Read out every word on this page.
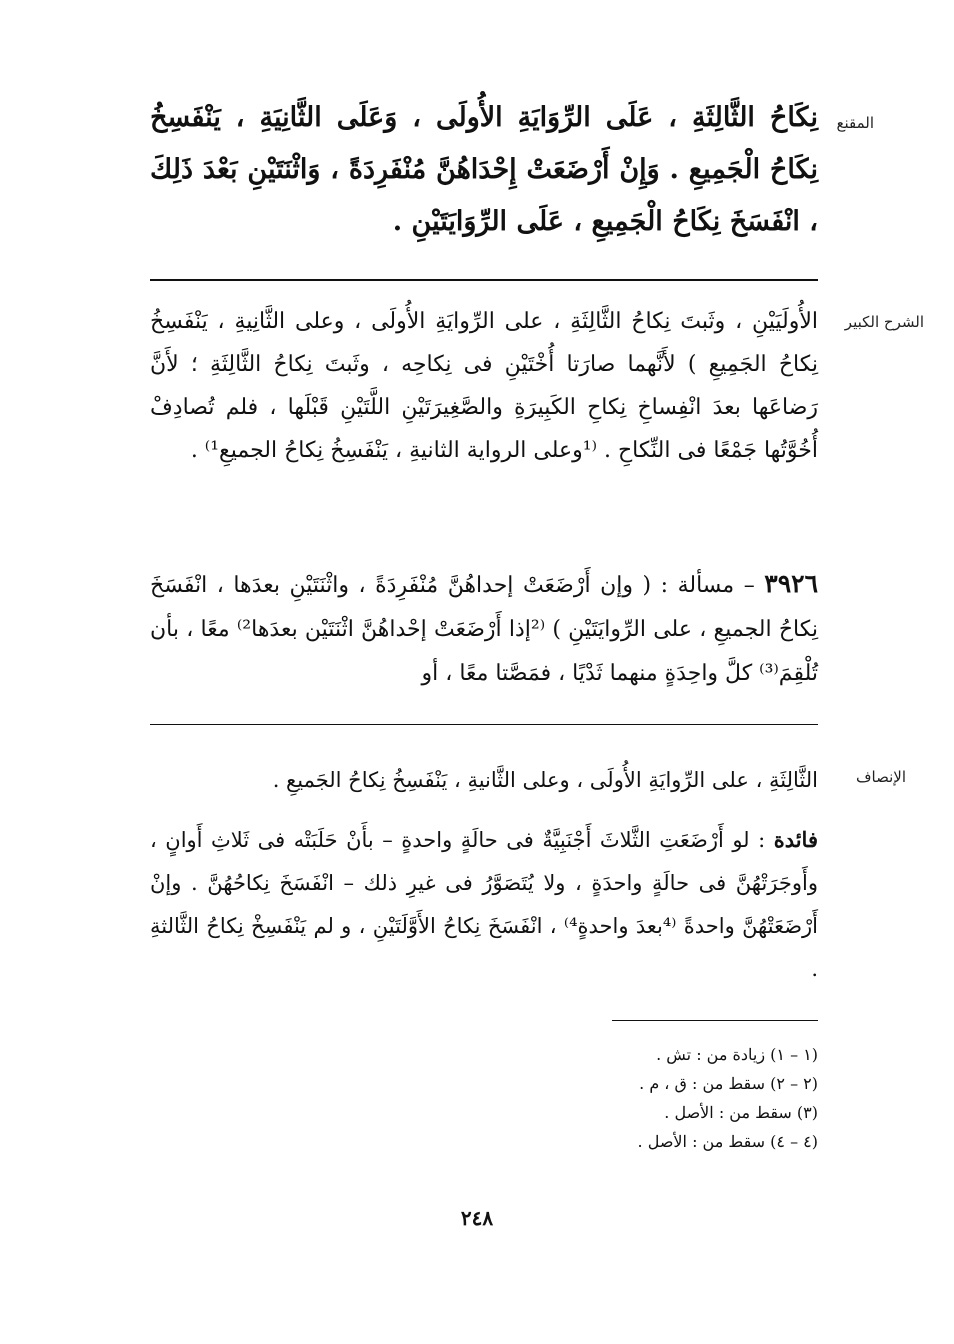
المقنع
نِكَاحُ الثَّالِثَةِ ، عَلَى الرِّوَايَةِ الأُولَى ، وَعَلَى الثَّانِيَةِ ، يَنْفَسِخُ نِكَاحُ الْجَمِيعِ . وَإِنْ أَرْضَعَتْ إِحْدَاهُنَّ مُنْفَرِدَةً ، وَاثْنَتَيْنِ بَعْدَ ذَلِكَ ، انْفَسَخَ نِكَاحُ الْجَمِيعِ ، عَلَى الرِّوَايَتَيْنِ .
الشرح الكبير
الأُولَيَيْنِ ، وثَبتَ نِكاحُ الثَّالِثَةِ ، على الرِّوايَةِ الأُولَى ، وعلى الثَّانِيةِ ، يَنْفَسِخُ نِكاحُ الجَمِيعِ ) لأَنَّهما صارَتا أُخْتَيْنِ فى نِكاحِه ، وثَبتَ نِكاحُ الثَّالِثَةِ ؛ لأَنَّ رَضاعَها بعدَ انْفِساخِ نِكاحِ الكَبِيرَةِ والصَّغِيرَتَيْنِ اللَّتَيْنِ قَبْلَها ، فلم تُصادِفْ أُخُوَّتُها جَمْعًا فى النِّكاحِ . ⁽¹وعلى الرواية الثانيةِ ، يَنْفَسِخُ نِكاحُ الجميعِ¹⁾ .
٣٩٢٦ – مسألة : ( وإن أَرْضَعَتْ إحداهُنَّ مُنْفَرِدَةً ، واثْنَتَيْنِ بعدَها ، انْفَسَخَ نِكاحُ الجميعِ ، على الرِّوايَتَيْنِ ) ⁽²إذا أَرْضَعَتْ إحْداهُنَّ اثْنَتَيْن بعدَها²⁾ معًا ، بأن تُلْقِمَ⁽³⁾ كلَّ واحِدَةٍ منهما ثَدْيًا ، فمَصَّتا معًا ، أو
الإنصاف
الثَّالِثَةِ ، على الرِّوايَةِ الأُولَى ، وعلى الثَّانيةِ ، يَنْفَسِخُ نِكاحُ الجَميعِ .
فائدة : لو أَرْضَعَتِ الثَّلاثَ أَجْنَبِيَّةٌ فى حالَةٍ واحدةٍ – بأَنْ حَلَبَتْه فى ثَلاثِ أَوانٍ ، وأَوجَرَتْهُنَّ فى حالَةٍ واحدَةٍ ، ولا يُتَصَوَّرُ فى غيرِ ذلك – انْفَسَخَ نِكاحُهُنَّ . وإنْ أَرْضَعَتْهُنَّ واحدةً ⁽⁴بعدَ واحدةٍ⁴⁾ ، انْفَسَخَ نِكاحُ الأَوَّلَتَيْنِ ، و لم يَنْفَسِخْ نِكاحُ الثَّالثةِ .
(١ – ١) زيادة من : تش .
(٢ – ٢) سقط من : ق ، م .
(٣) سقط من : الأصل .
(٤ – ٤) سقط من : الأصل .
٢٤٨
